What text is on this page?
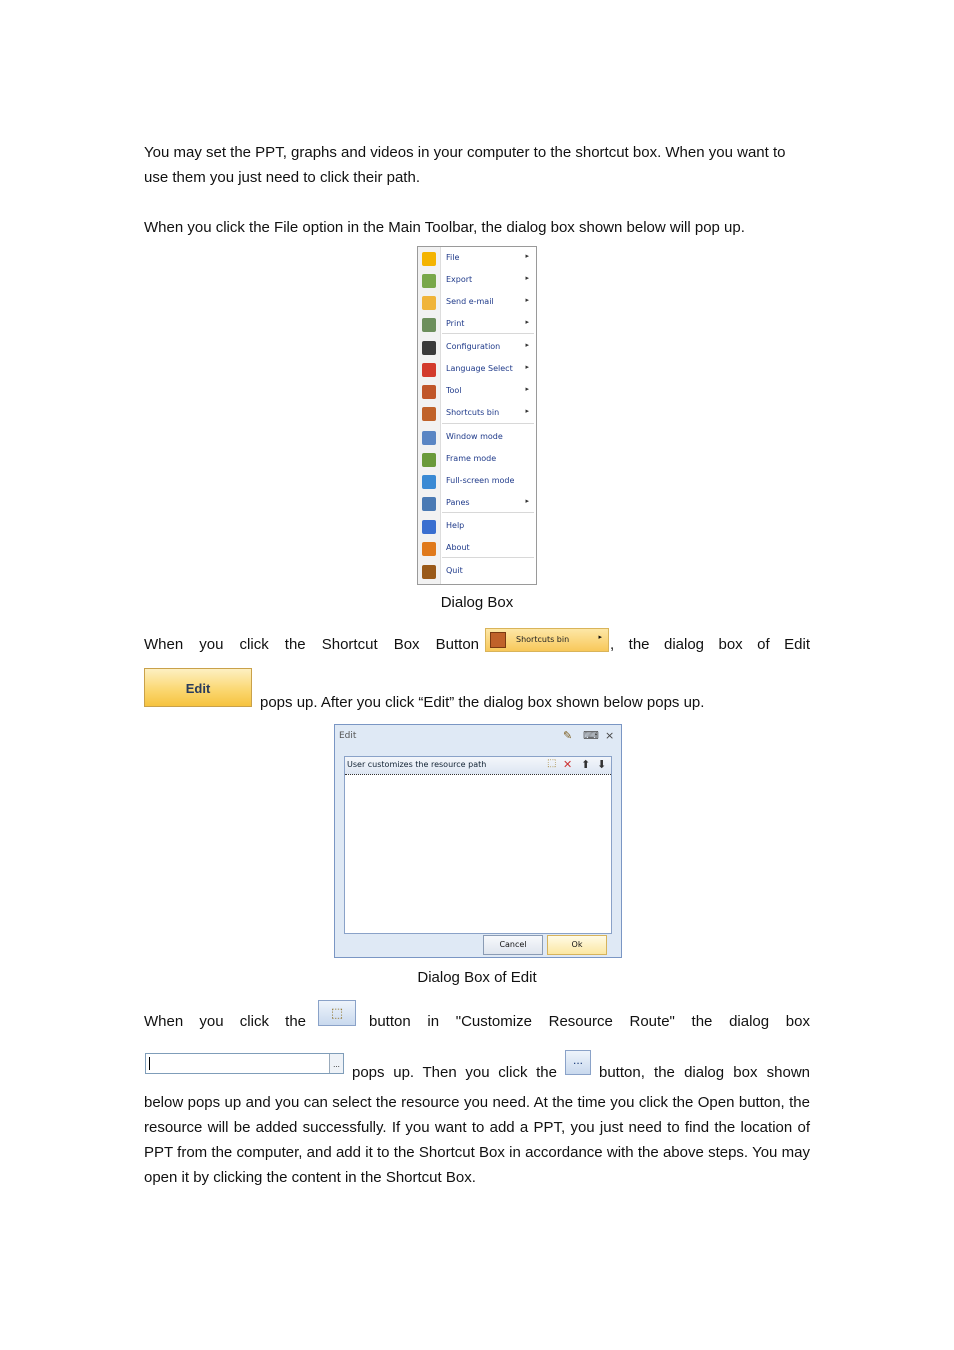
You may set the PPT, graphs and videos in your computer to the shortcut box. When you want to use them you just need to click their path.
When you click the File option in the Main Toolbar, the dialog box shown below will pop up.
File	▸
Export	▸
Send e-mail	▸
Print	▸
Configuration	▸
Language Select ▸
Tool	▸
Shortcuts bin	▸
Window mode
Frame mode
Full-screen mode
Panes	▸
Help
About
Quit
Dialog Box
When you click the Shortcut Box Button	Shortcuts bin	▸ , the dialog box of Edit
Edit
pops up. After you click “Edit” the dialog box shown below pops up.
Edit	✎ ⌨ ×
User customizes the resource path	⬚ ✕ ⬆ ⬇
Cancel	Ok
Dialog Box of Edit
When you click the
⬚
button in "Customize Resource Route" the dialog box
... pops up. Then you click the
...
button, the dialog box shown
below pops up and you can select the resource you need. At the time you click the Open button, the resource will be added successfully. If you want to add a PPT, you just need to find the location of PPT from the computer, and add it to the Shortcut Box in accordance with the above steps. You may open it by clicking the content in the Shortcut Box.
